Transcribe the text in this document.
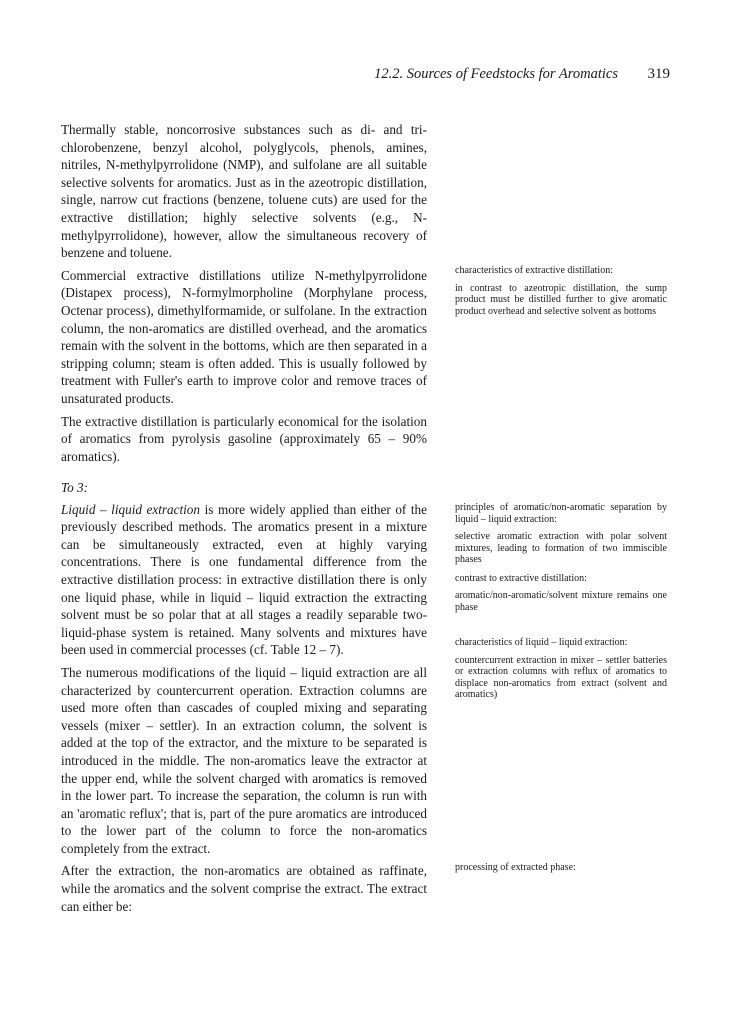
12.2. Sources of Feedstocks for Aromatics 319

Thermally stable, noncorrosive substances such as di- and tri-chlorobenzene, benzyl alcohol, polyglycols, phenols, amines, nitriles, N-methylpyrrolidone (NMP), and sulfolane are all suitable selective solvents for aromatics. Just as in the azeotropic distillation, single, narrow cut fractions (benzene, toluene cuts) are used for the extractive distillation; highly selective solvents (e.g., N-methylpyrrolidone), however, allow the simultaneous recovery of benzene and toluene.

Commercial extractive distillations utilize N-methylpyrrolidone (Distapex process), N-formylmorpholine (Morphylane process, Octenar process), dimethylformamide, or sulfolane. In the extraction column, the non-aromatics are distilled overhead, and the aromatics remain with the solvent in the bottoms, which are then separated in a stripping column; steam is often added. This is usually followed by treatment with Fuller's earth to improve color and remove traces of unsaturated products.

The extractive distillation is particularly economical for the isolation of aromatics from pyrolysis gasoline (approximately 65 – 90% aromatics).

To 3:

Liquid – liquid extraction is more widely applied than either of the previously described methods. The aromatics present in a mixture can be simultaneously extracted, even at highly varying concentrations. There is one fundamental difference from the extractive distillation process: in extractive distillation there is only one liquid phase, while in liquid – liquid extraction the extracting solvent must be so polar that at all stages a readily separable two-liquid-phase system is retained. Many solvents and mixtures have been used in commercial processes (cf. Table 12 – 7).

The numerous modifications of the liquid – liquid extraction are all characterized by countercurrent operation. Extraction columns are used more often than cascades of coupled mixing and separating vessels (mixer – settler). In an extraction column, the solvent is added at the top of the extractor, and the mixture to be separated is introduced in the middle. The non-aromatics leave the extractor at the upper end, while the solvent charged with aromatics is removed in the lower part. To increase the separation, the column is run with an 'aromatic reflux'; that is, part of the pure aromatics are introduced to the lower part of the column to force the non-aromatics completely from the extract.

After the extraction, the non-aromatics are obtained as raffinate, while the aromatics and the solvent comprise the extract. The extract can either be:

characteristics of extractive distillation:

in contrast to azeotropic distillation, the sump product must be distilled further to give aromatic product overhead and selective solvent as bottoms

principles of aromatic/non-aromatic separation by liquid – liquid extraction:

selective aromatic extraction with polar solvent mixtures, leading to formation of two immiscible phases

contrast to extractive distillation:

aromatic/non-aromatic/solvent mixture remains one phase

characteristics of liquid – liquid extraction:

countercurrent extraction in mixer – settler batteries or extraction columns with reflux of aromatics to displace non-aromatics from extract (solvent and aromatics)

processing of extracted phase:
